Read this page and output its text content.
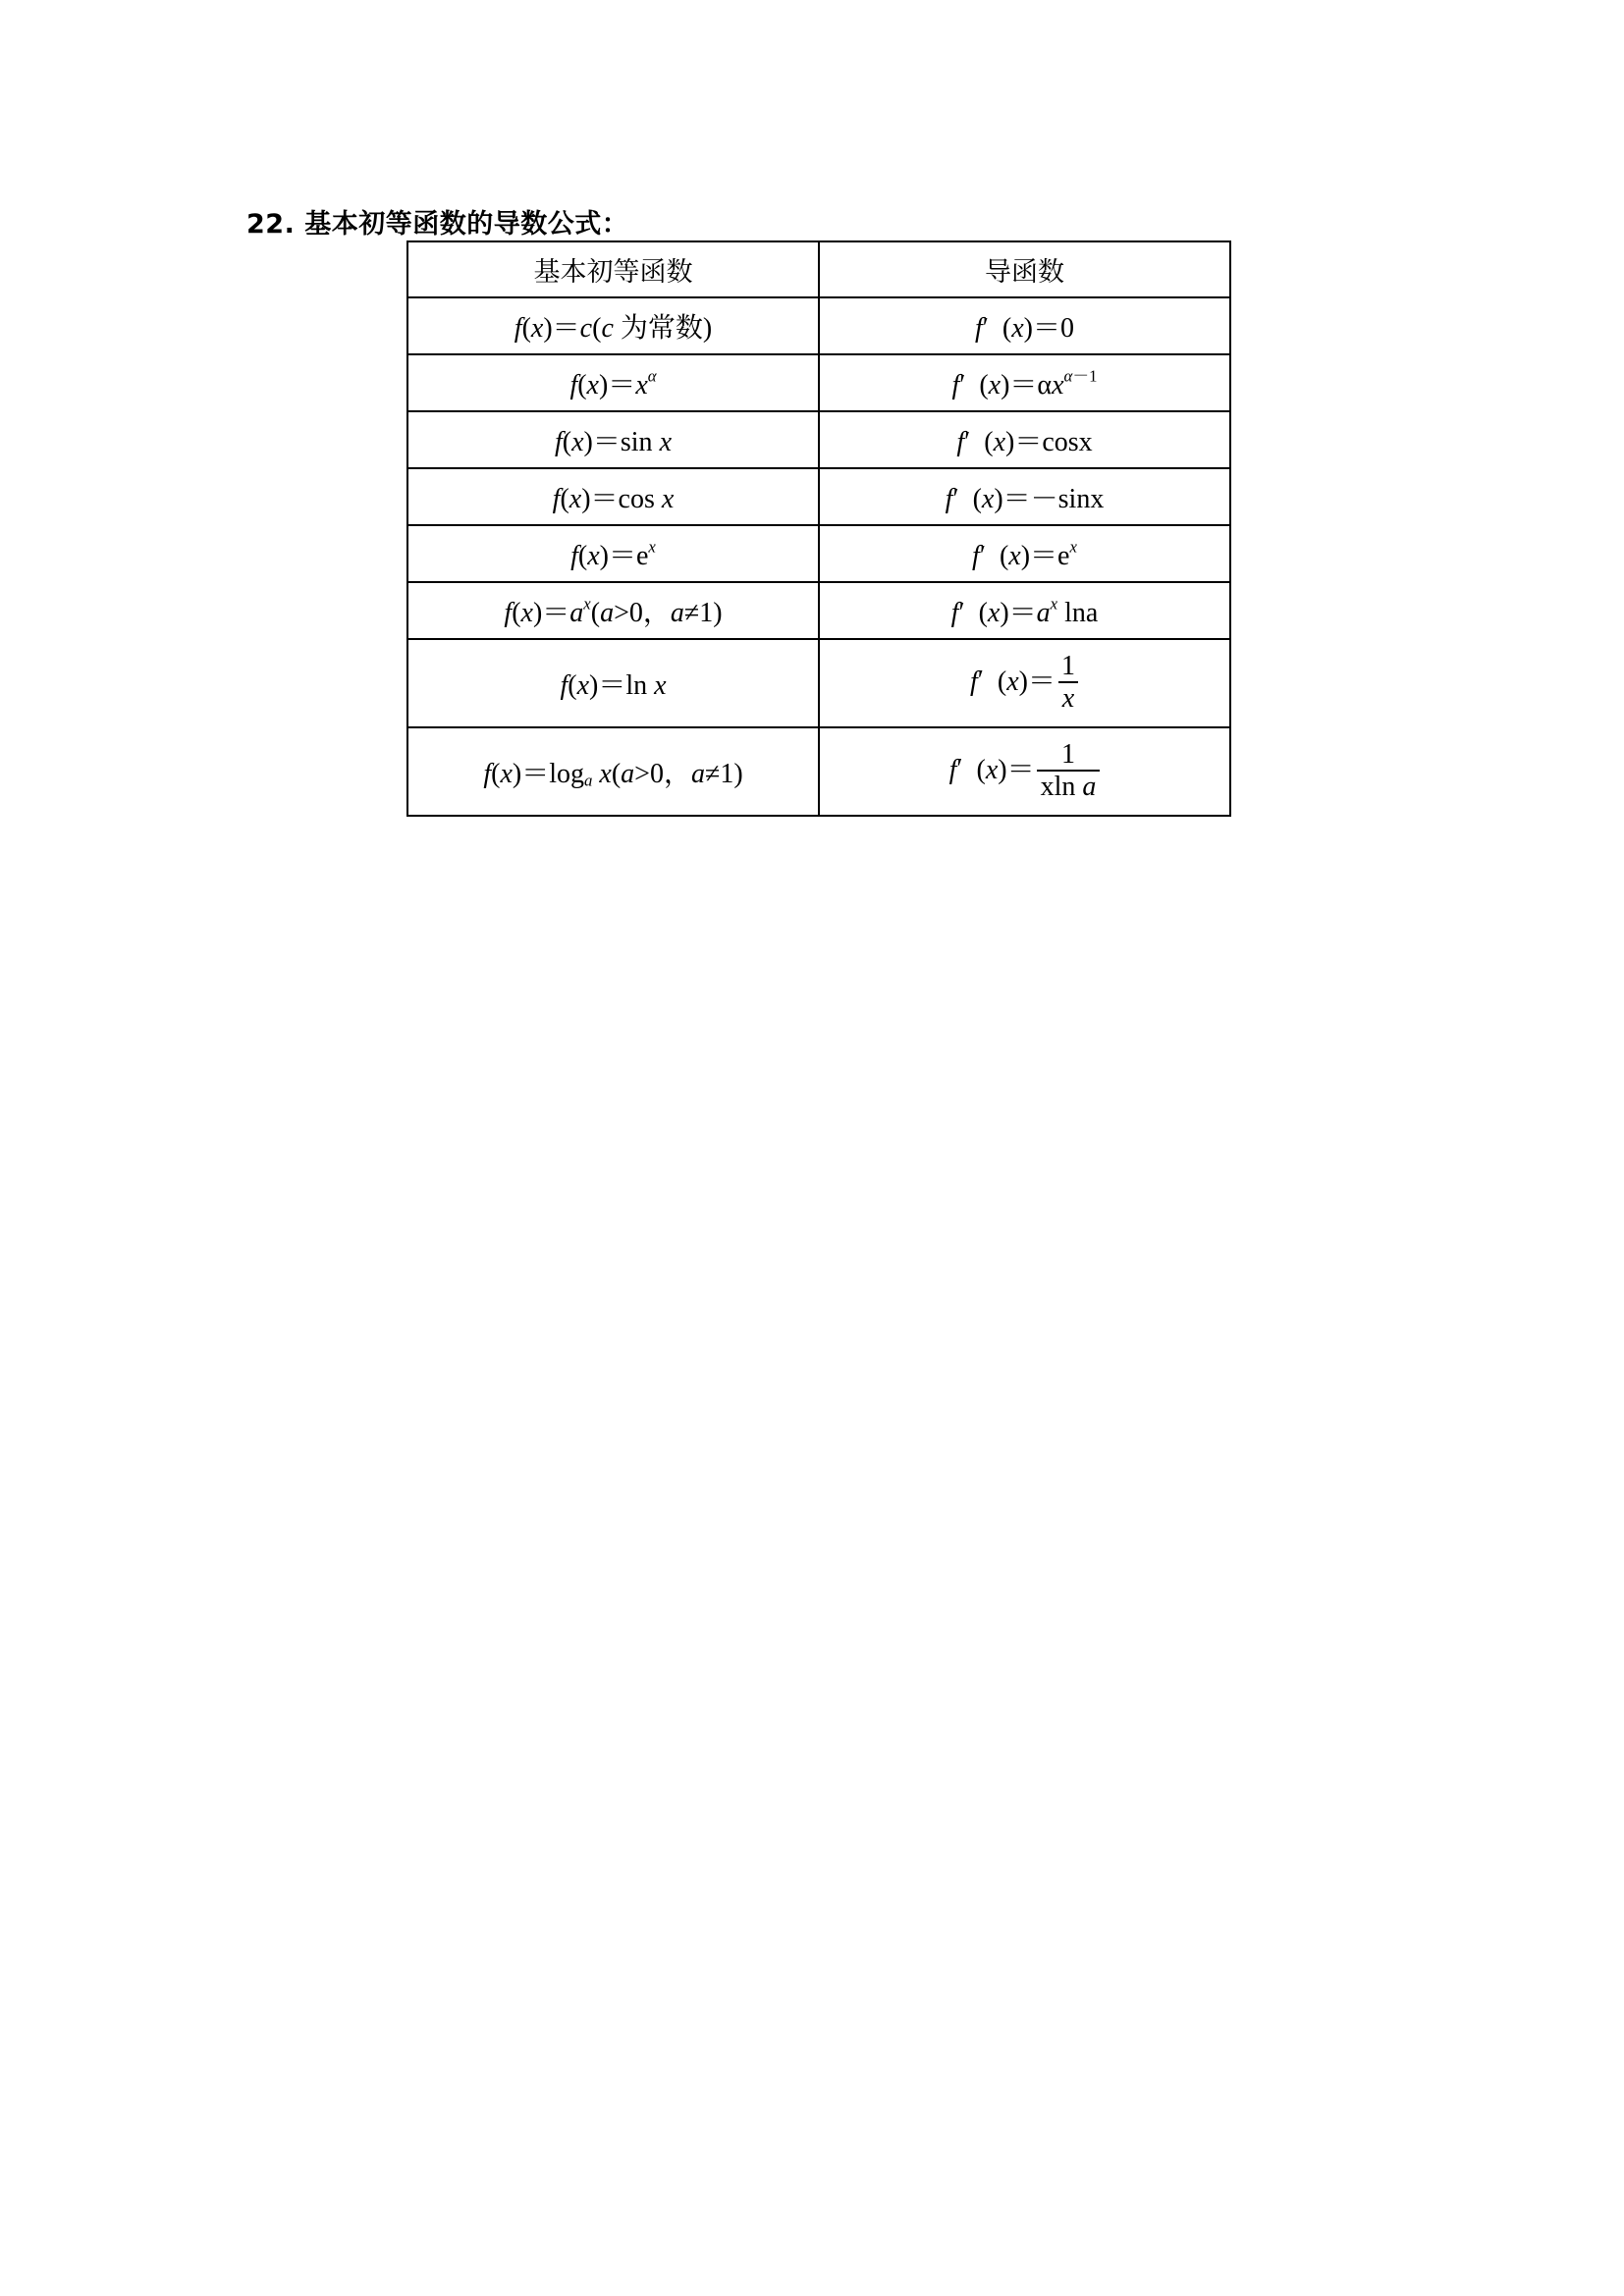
22. 基本初等函数的导数公式：
基本初等函数	导函数
f(x)＝c(c 为常数)	f′ (x)＝0
$f(x)=x^\alpha$	f′ $(x)=\alpha x^{\alpha-1}$
f(x)＝sin x	f′ (x)＝cosx
f(x)＝cos x	f′ (x)＝－sinx
$f(x)=e^x$	f′ $(x)=e^x$
$f(x)=a^x(a>0$，a≠1)	f′ $(x)=a^x$ lna
f(x)＝ln x	f′ $(x)= \frac{1}{x}$

$f(x)=\log_a$ x(a>0，a≠1)	f′ $(x)= \frac{1}{\text{xln a}}$
